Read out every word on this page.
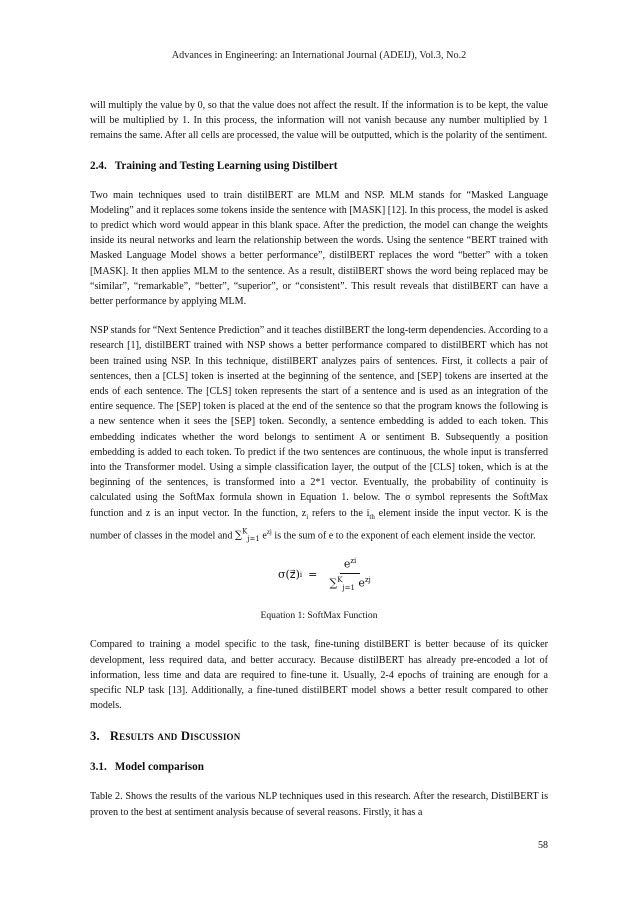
Advances in Engineering: an International Journal (ADEIJ), Vol.3, No.2

will multiply the value by 0, so that the value does not affect the result. If the information is to be kept, the value will be multiplied by 1. In this process, the information will not vanish because any number multiplied by 1 remains the same. After all cells are processed, the value will be outputted, which is the polarity of the sentiment.

2.4. Training and Testing Learning using Distilbert

Two main techniques used to train distilBERT are MLM and NSP. MLM stands for “Masked Language Modeling” and it replaces some tokens inside the sentence with [MASK] [12]. In this process, the model is asked to predict which word would appear in this blank space. After the prediction, the model can change the weights inside its neural networks and learn the relationship between the words. Using the sentence “BERT trained with Masked Language Model shows a better performance”, distilBERT replaces the word “better” with a token [MASK]. It then applies MLM to the sentence. As a result, distilBERT shows the word being replaced may be “similar”, “remarkable”, “better”, “superior”, or “consistent”. This result reveals that distilBERT can have a better performance by applying MLM.

NSP stands for “Next Sentence Prediction” and it teaches distilBERT the long-term dependencies. According to a research [1], distilBERT trained with NSP shows a better performance compared to distilBERT which has not been trained using NSP. In this technique, distilBERT analyzes pairs of sentences. First, it collects a pair of sentences, then a [CLS] token is inserted at the beginning of the sentence, and [SEP] tokens are inserted at the ends of each sentence. The [CLS] token represents the start of a sentence and is used as an integration of the entire sequence. The [SEP] token is placed at the end of the sentence so that the program knows the following is a new sentence when it sees the [SEP] token. Secondly, a sentence embedding is added to each token. This embedding indicates whether the word belongs to sentiment A or sentiment B. Subsequently a position embedding is added to each token. To predict if the two sentences are continuous, the whole input is transferred into the Transformer model. Using a simple classification layer, the output of the [CLS] token, which is at the beginning of the sentences, is transformed into a 2*1 vector. Eventually, the probability of continuity is calculated using the SoftMax formula shown in Equation 1. below. The σ symbol represents the SoftMax function and z is an input vector. In the function, $z_i$ refers to the $i_{th}$ element inside the input vector. K is the number of classes in the model and ∑$^K_{j=1}$ $e^{zj}$ is the sum of e to the exponent of each element inside the vector.

σ(z⃗) $i = \frac{e^{zi}}{\sum^K_{j=1} e^{zj}}$
Equation 1: SoftMax Function

Compared to training a model specific to the task, fine-tuning distilBERT is better because of its quicker development, less required data, and better accuracy. Because distilBERT has already pre-encoded a lot of information, less time and data are required to fine-tune it. Usually, 2-4 epochs of training are enough for a specific NLP task [13]. Additionally, a fine-tuned distilBERT model shows a better result compared to other models.

3. Results and Discussion
3.1. Model comparison

Table 2. Shows the results of the various NLP techniques used in this research. After the research, DistilBERT is proven to the best at sentiment analysis because of several reasons. Firstly, it has a

58
